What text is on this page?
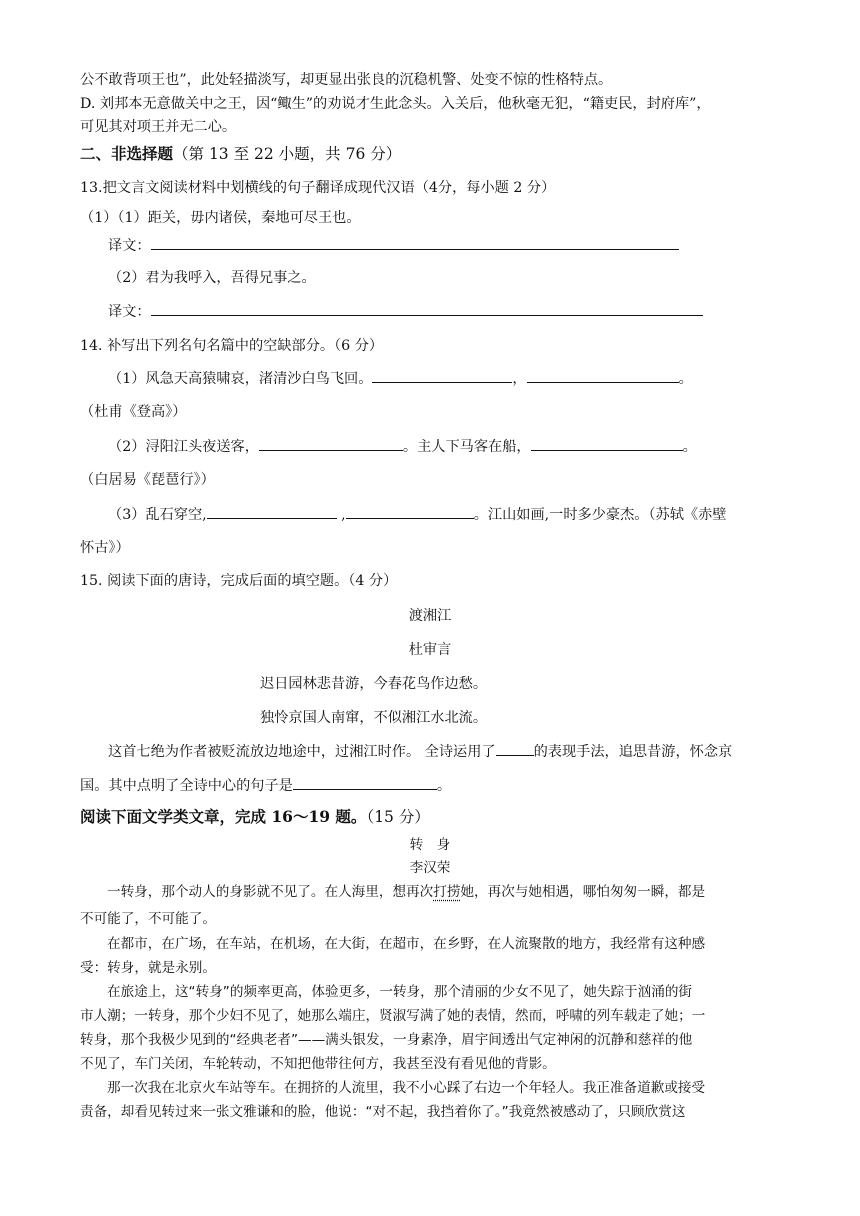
公不敢背项王也”，此处轻描淡写，却更显出张良的沉稳机警、处变不惊的性格特点。
D. 刘邦本无意做关中之王，因“鲰生”的劝说才生此念头。入关后，他秋毫无犯，“籍吏民，封府库”，
可见其对项王并无二心。
二、非选择题（第 13 至 22 小题，共 76 分）
13.把文言文阅读材料中划横线的句子翻译成现代汉语（4分，每小题 2 分）
（1）（1）距关，毋内诸侯，秦地可尽王也。
译文：
（2）君为我呼入，吾得兄事之。
译文：
14. 补写出下列名句名篇中的空缺部分。（6 分）
（1）风急天高猿啸哀，渚清沙白鸟飞回。	，	。
（杜甫《登高》）
（2）浔阳江头夜送客，	。主人下马客在船，	。
（白居易《琵琶行》）
（3）乱石穿空,	,	。江山如画,一时多少豪杰。（苏轼《赤壁
怀古》）
15. 阅读下面的唐诗，完成后面的填空题。（4 分）
渡湘江
杜审言
迟日园林悲昔游，今春花鸟作边愁。
独怜京国人南窜，不似湘江水北流。
这首七绝为作者被贬流放边地途中，过湘江时作。 全诗运用了	的表现手法，追思昔游，怀念京
国。其中点明了全诗中心的句子是	。
阅读下面文学类文章，完成 16～19 题。（15 分）
转　身
李汉荣
一转身，那个动人的身影就不见了。在人海里，想再次打捞她，再次与她相遇，哪怕匆匆一瞬，都是
不可能了，不可能了。
在都市，在广场，在车站，在机场，在大街，在超市，在乡野，在人流聚散的地方，我经常有这种感
受：转身，就是永别。
在旅途上，这“转身”的频率更高，体验更多，一转身，那个清丽的少女不见了，她失踪于汹涌的街
市人潮；一转身，那个少妇不见了，她那么端庄，贤淑写满了她的表情，然而，呼啸的列车载走了她；一
转身，那个我极少见到的“经典老者”——满头银发，一身素净，眉宇间透出气定神闲的沉静和慈祥的他
不见了，车门关闭，车轮转动，不知把他带往何方，我甚至没有看见他的背影。
那一次我在北京火车站等车。在拥挤的人流里，我不小心踩了右边一个年轻人。我正准备道歉或接受
责备，却看见转过来一张文雅谦和的脸，他说：“对不起，我挡着你了。”我竟然被感动了，只顾欣赏这
